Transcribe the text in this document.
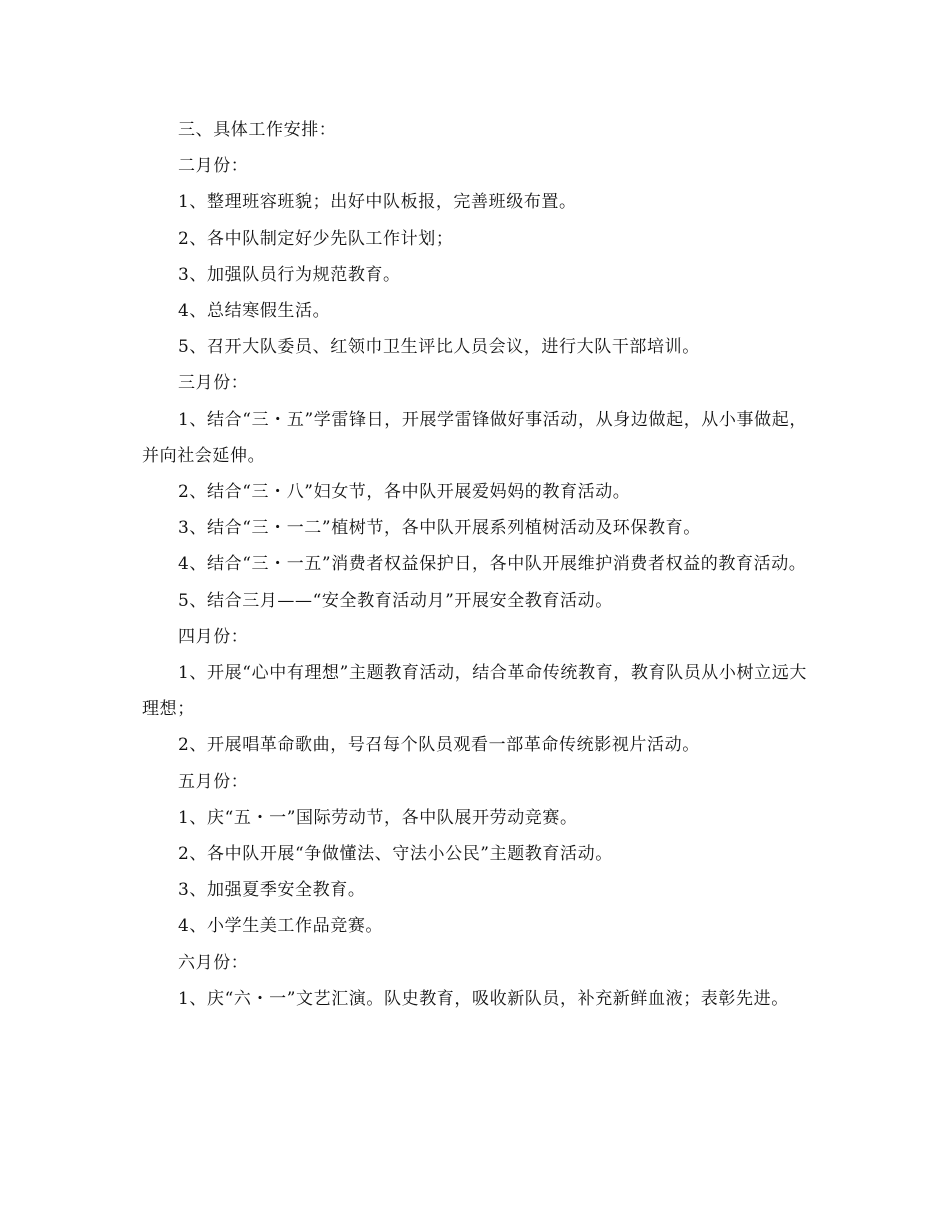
三、具体工作安排：

二月份：

1、整理班容班貌；出好中队板报，完善班级布置。

2、各中队制定好少先队工作计划；

3、加强队员行为规范教育。

4、总结寒假生活。

5、召开大队委员、红领巾卫生评比人员会议，进行大队干部培训。

三月份：

1、结合“三・五”学雷锋日，开展学雷锋做好事活动，从身边做起，从小事做起，并向社会延伸。

2、结合“三・八”妇女节，各中队开展爱妈妈的教育活动。

3、结合“三・一二”植树节，各中队开展系列植树活动及环保教育。

4、结合“三・一五”消费者权益保护日，各中队开展维护消费者权益的教育活动。

5、结合三月——“安全教育活动月”开展安全教育活动。

四月份：

1、开展“心中有理想”主题教育活动，结合革命传统教育，教育队员从小树立远大理想；

2、开展唱革命歌曲，号召每个队员观看一部革命传统影视片活动。

五月份：

1、庆“五・一”国际劳动节，各中队展开劳动竞赛。

2、各中队开展“争做懂法、守法小公民”主题教育活动。

3、加强夏季安全教育。

4、小学生美工作品竞赛。

六月份：

1、庆“六・一”文艺汇演。队史教育，吸收新队员，补充新鲜血液；表彰先进。
